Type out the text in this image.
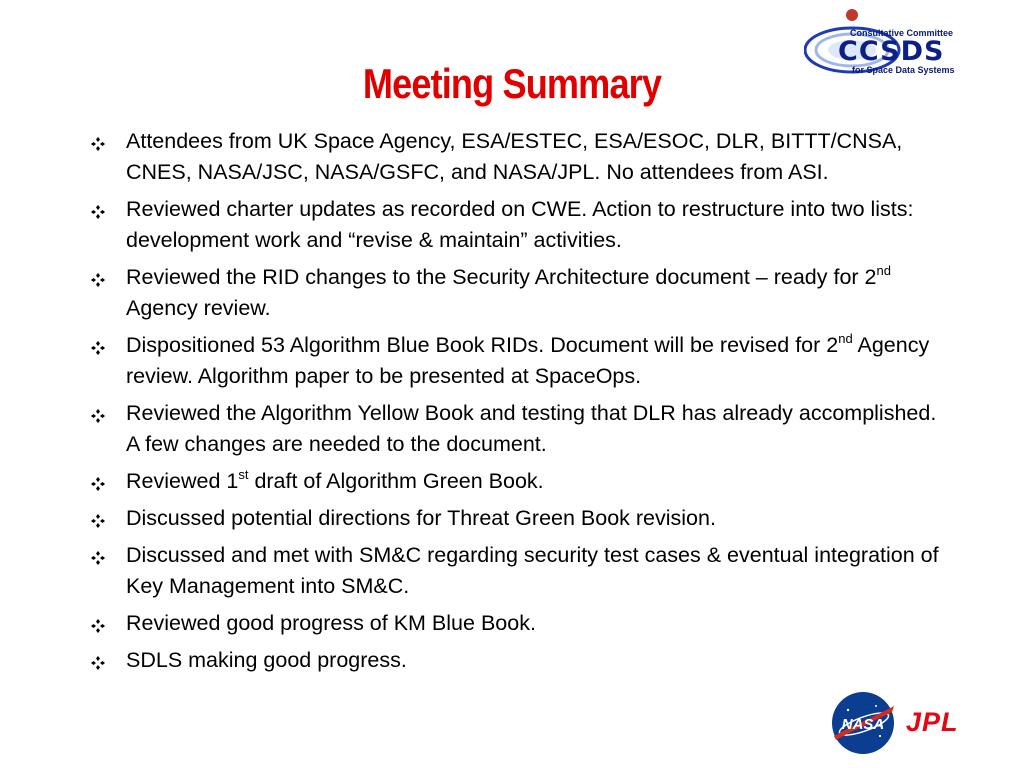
Consultative Committee
CCSDS
for Space Data Systems
Meeting Summary
Attendees from UK Space Agency, ESA/ESTEC, ESA/ESOC, DLR, BITTT/CNSA, CNES, NASA/JSC, NASA/GSFC, and NASA/JPL. No attendees from ASI.
Reviewed charter updates as recorded on CWE. Action to restructure into two lists: development work and “revise & maintain” activities.
Reviewed the RID changes to the Security Architecture document – ready for 2nd Agency review.
Dispositioned 53 Algorithm Blue Book RIDs. Document will be revised for 2nd Agency review. Algorithm paper to be presented at SpaceOps.
Reviewed the Algorithm Yellow Book and testing that DLR has already accomplished. A few changes are needed to the document.
Reviewed 1st draft of Algorithm Green Book.
Discussed potential directions for Threat Green Book revision.
Discussed and met with SM&C regarding security test cases & eventual integration of Key Management into SM&C.
Reviewed good progress of KM Blue Book.
SDLS making good progress.
NASA JPL
